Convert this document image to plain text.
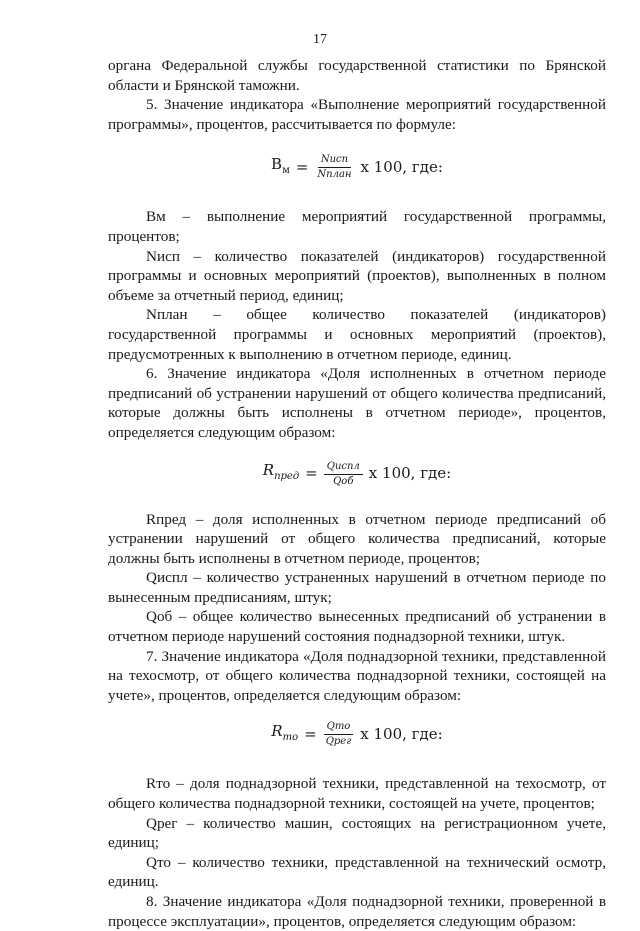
17

органа Федеральной службы государственной статистики по Брянской области и Брянской таможни.

5. Значение индикатора «Выполнение мероприятий государственной программы», процентов, рассчитывается по формуле:

$В_м = \frac{\text{Nисп}}{\text{Nплан}}$ х 100, где:

Вм – выполнение мероприятий государственной программы, процентов;

Nисп – количество показателей (индикаторов) государственной программы и основных мероприятий (проектов), выполненных в полном объеме за отчетный период, единиц;

Nплан – общее количество показателей (индикаторов) государственной программы и основных мероприятий (проектов), предусмотренных к выполнению в отчетном периоде, единиц.

6. Значение индикатора «Доля исполненных в отчетном периоде предписаний об устранении нарушений от общего количества предписаний, которые должны быть исполнены в отчетном периоде», процентов, определяется следующим образом:

$R_{пред} = \frac{\text{Qиспл}}{\text{Qоб}}$ х 100, где:

Rпред – доля исполненных в отчетном периоде предписаний об устранении нарушений от общего количества предписаний, которые должны быть исполнены в отчетном периоде, процентов;

Qиспл – количество устраненных нарушений в отчетном периоде по вынесенным предписаниям, штук;

Qоб – общее количество вынесенных предписаний об устранении в отчетном периоде нарушений состояния поднадзорной техники, штук.

7. Значение индикатора «Доля поднадзорной техники, представленной на техосмотр, от общего количества поднадзорной техники, состоящей на учете», процентов, определяется следующим образом:

$R_{то} = \frac{\text{Qто}}{\text{Qрег}}$ х 100, где:

Rто – доля поднадзорной техники, представленной на техосмотр, от общего количества поднадзорной техники, состоящей на учете, процентов;

Qрег – количество машин, состоящих на регистрационном учете, единиц;

Qто – количество техники, представленной на технический осмотр, единиц.

8. Значение индикатора «Доля поднадзорной техники, проверенной в процессе эксплуатации», процентов, определяется следующим образом:
